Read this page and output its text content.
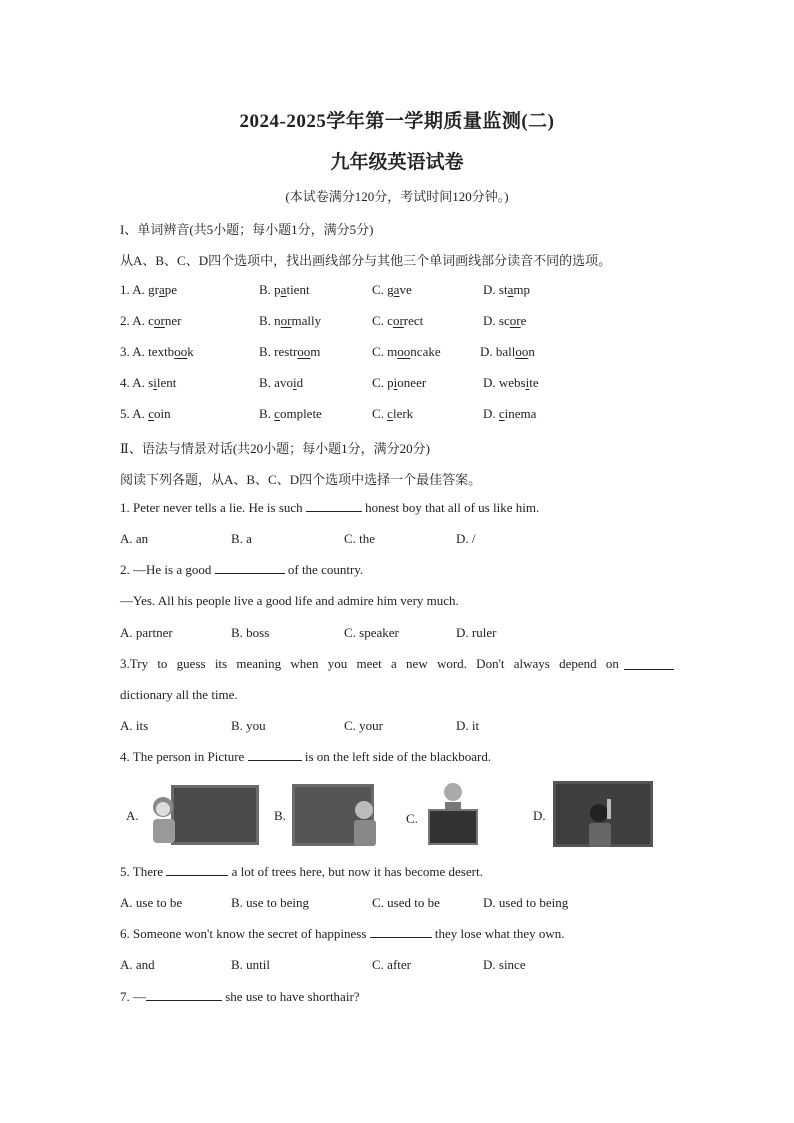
2024-2025学年第一学期质量监测(二)
九年级英语试卷
(本试卷满分120分，考试时间120分钟。)
I、单词辨音(共5小题；每小题1分，满分5分)
从A、B、C、D四个选项中，找出画线部分与其他三个单词画线部分读音不同的选项。
1. A. grape	B. patient	C. gave	D. stamp
2. A. corner	B. normally	C. correct	D. score
3. A. textbook	B. restroom	C. mooncake	D. balloon
4. A. silent	B. avoid	C. pioneer	D. website
5. A. coin	B. complete	C. clerk	D. cinema
Ⅱ、语法与情景对话(共20小题；每小题1分，满分20分)
阅读下列各题，从A、B、C、D四个选项中选择一个最佳答案。
1. Peter never tells a lie. He is such	honest boy that all of us like him.
A. an	B. a	C. the	D. /
2. —He is a good	of the country.
—Yes. All his people live a good life and admire him very much.
A. partner	B. boss	C. speaker	D. ruler
3.Try to guess its meaning when you meet a new word. Don't always depend on
dictionary all the time.
A. its	B. you	C. your	D. it
4. The person in Picture	is on the left side of the blackboard.
A.	B.	C.	D.
5. There	a lot of trees here, but now it has become desert.
A. use to be	B. use to being	C. used to be	D. used to being
6. Someone won't know the secret of happiness	they lose what they own.
A. and	B. until	C. after	D. since
7. —	she use to have shorthair?
